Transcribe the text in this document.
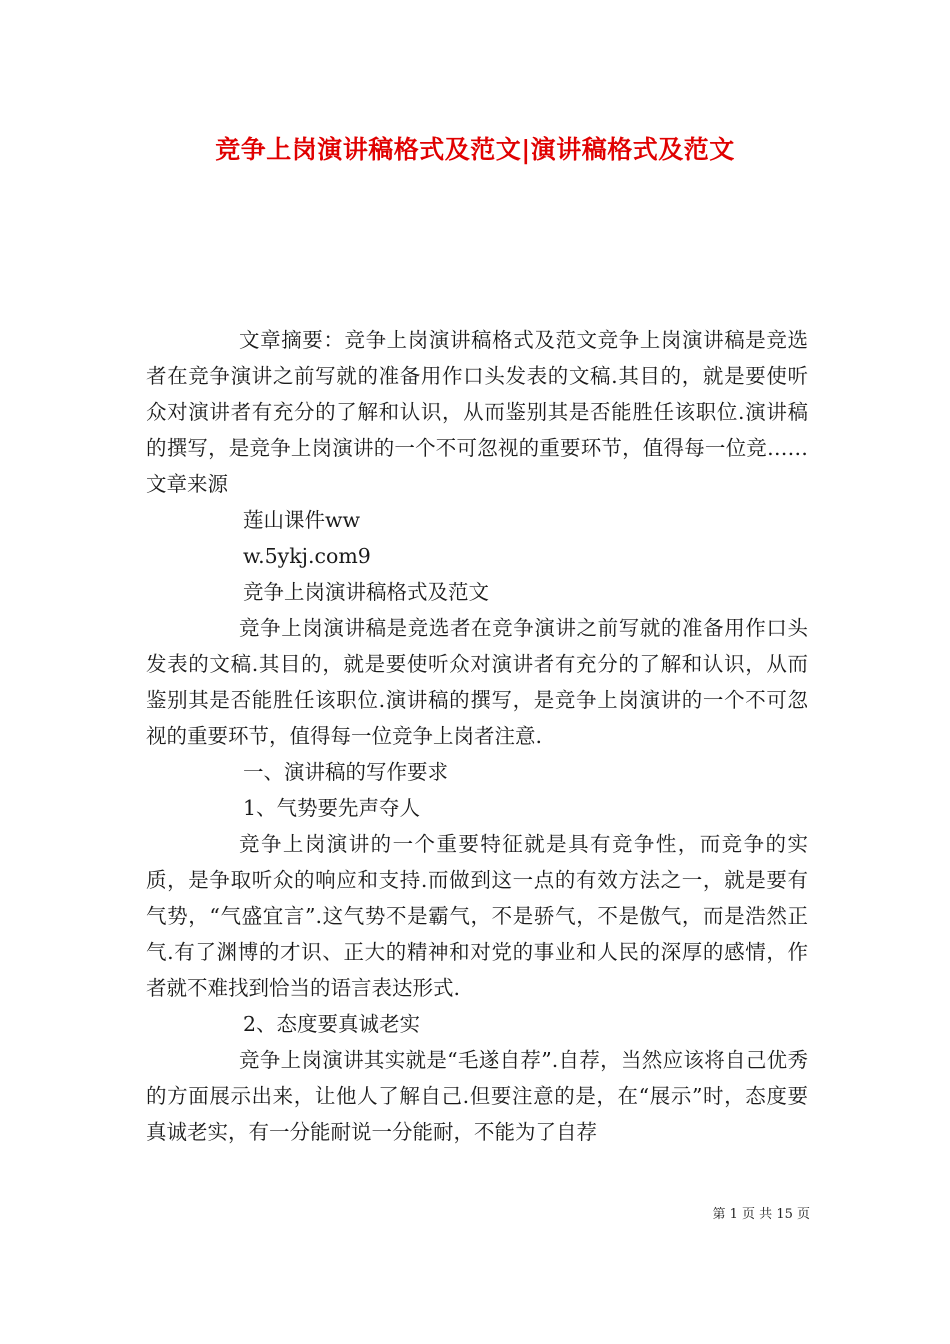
竞争上岗演讲稿格式及范文|演讲稿格式及范文

文章摘要：竞争上岗演讲稿格式及范文竞争上岗演讲稿是竞选者在竞争演讲之前写就的准备用作口头发表的文稿.其目的，就是要使听众对演讲者有充分的了解和认识，从而鉴别其是否能胜任该职位.演讲稿的撰写，是竞争上岗演讲的一个不可忽视的重要环节，值得每一位竞……文章来源

莲山课件ww

w.5ykj.com9

竞争上岗演讲稿格式及范文

竞争上岗演讲稿是竞选者在竞争演讲之前写就的准备用作口头发表的文稿.其目的，就是要使听众对演讲者有充分的了解和认识，从而鉴别其是否能胜任该职位.演讲稿的撰写，是竞争上岗演讲的一个不可忽视的重要环节，值得每一位竞争上岗者注意.

一、演讲稿的写作要求

1、气势要先声夺人

竞争上岗演讲的一个重要特征就是具有竞争性，而竞争的实质，是争取听众的响应和支持.而做到这一点的有效方法之一，就是要有气势，“气盛宜言”.这气势不是霸气，不是骄气，不是傲气，而是浩然正气.有了渊博的才识、正大的精神和对党的事业和人民的深厚的感情，作者就不难找到恰当的语言表达形式.

2、态度要真诚老实

竞争上岗演讲其实就是“毛遂自荐”.自荐，当然应该将自己优秀的方面展示出来，让他人了解自己.但要注意的是，在“展示”时，态度要真诚老实，有一分能耐说一分能耐，不能为了自荐

第 1 页 共 15 页
